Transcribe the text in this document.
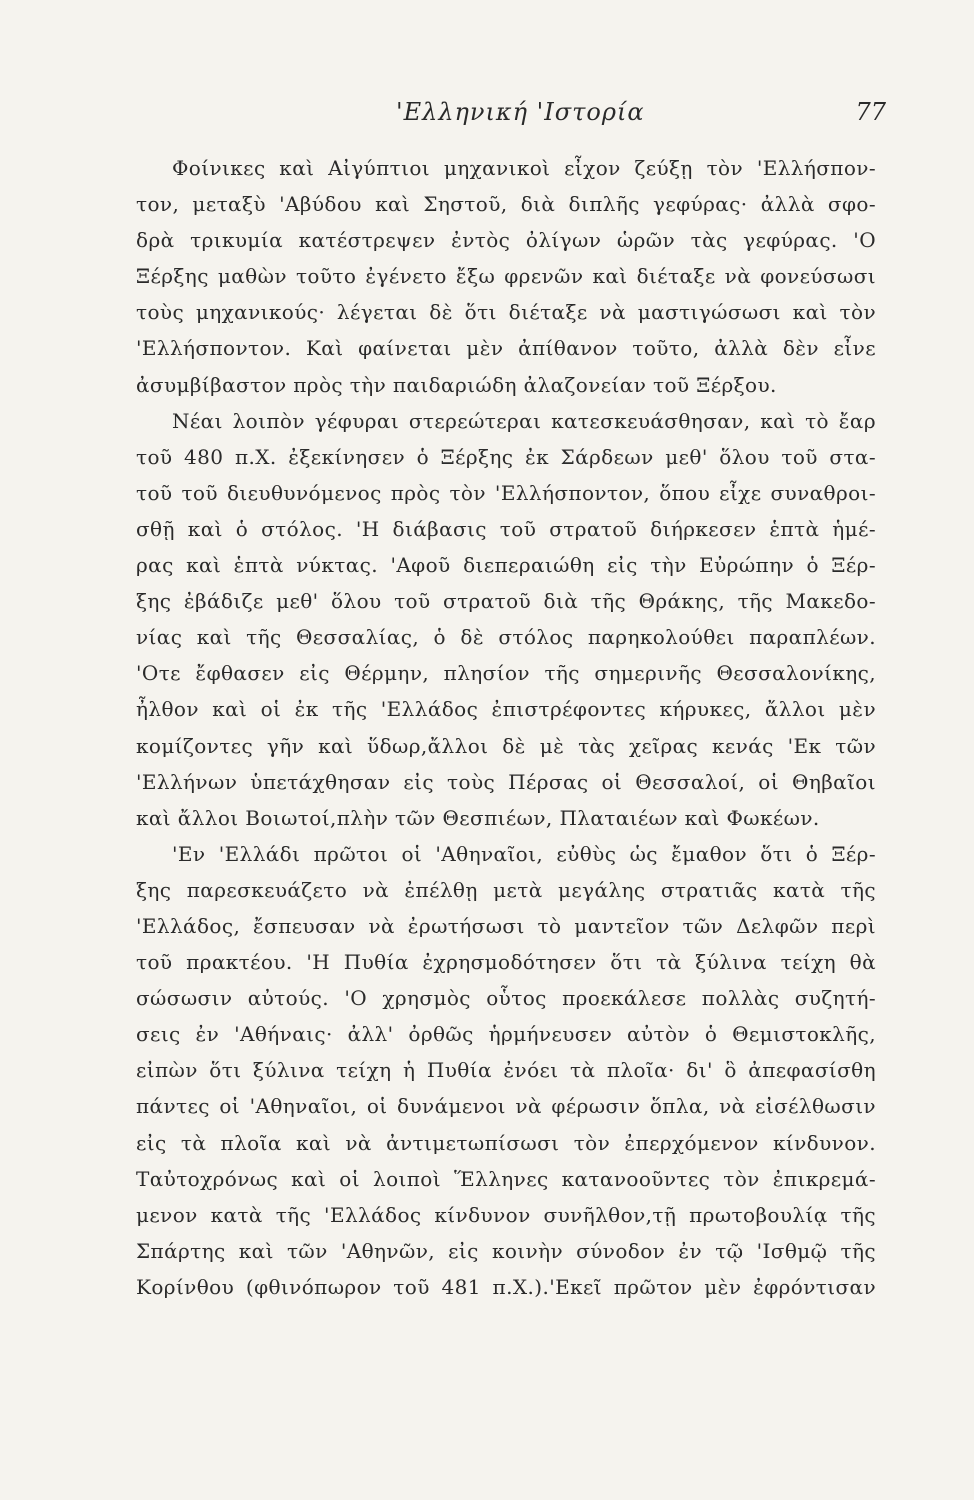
'Ελληνική 'Ιστορία	77
Φοίνικες καὶ Αἰγύπτιοι μηχανικοὶ εἶχον ζεύξῃ τὸν 'Ελλήσπον-
τον, μεταξὺ 'Αβύδου καὶ Σηστοῦ, διὰ διπλῆς γεφύρας· ἀλλὰ σφο-
δρὰ τρικυμία κατέστρεψεν ἐντὸς ὀλίγων ὡρῶν τὰς γεφύρας. 'Ο
Ξέρξης μαθὼν τοῦτο ἐγένετο ἔξω φρενῶν καὶ διέταξε νὰ φονεύσωσι
τοὺς μηχανικούς· λέγεται δὲ ὅτι διέταξε νὰ μαστιγώσωσι καὶ τὸν
'Ελλήσποντον. Καὶ φαίνεται μὲν ἀπίθανον τοῦτο, ἀλλὰ δὲν εἶνε
ἀσυμβίβαστον πρὸς τὴν παιδαριώδη ἀλαζονείαν τοῦ Ξέρξου.
Νέαι λοιπὸν γέφυραι στερεώτεραι κατεσκευάσθησαν, καὶ τὸ ἔαρ
τοῦ 480 π.Χ. ἐξεκίνησεν ὁ Ξέρξης ἐκ Σάρδεων μεθ' ὅλου τοῦ στα-
τοῦ τοῦ διευθυνόμενος πρὸς τὸν 'Ελλήσποντον, ὅπου εἶχε συναθροι-
σθῇ καὶ ὁ στόλος. 'Η διάβασις τοῦ στρατοῦ διήρκεσεν ἑπτὰ ἡμέ-
ρας καὶ ἑπτὰ νύκτας. 'Αφοῦ διεπεραιώθη εἰς τὴν Εὐρώπην ὁ Ξέρ-
ξης ἐβάδιζε μεθ' ὅλου τοῦ στρατοῦ διὰ τῆς Θράκης, τῆς Μακεδο-
νίας καὶ τῆς Θεσσαλίας, ὁ δὲ στόλος παρηκολούθει παραπλέων.
'Οτε ἔφθασεν εἰς Θέρμην, πλησίον τῆς σημερινῆς Θεσσαλονίκης,
ἦλθον καὶ οἱ ἐκ τῆς 'Ελλάδος ἐπιστρέφοντες κήρυκες, ἄλλοι μὲν
κομίζοντες γῆν καὶ ὕδωρ,ἄλλοι δὲ μὲ τὰς χεῖρας κενάς 'Εκ τῶν
'Ελλήνων ὑπετάχθησαν εἰς τοὺς Πέρσας οἱ Θεσσαλοί, οἱ Θηβαῖοι
καὶ ἄλλοι Βοιωτοί,πλὴν τῶν Θεσπιέων, Πλαταιέων καὶ Φωκέων.
'Εν 'Ελλάδι πρῶτοι οἱ 'Αθηναῖοι, εὐθὺς ὡς ἔμαθον ὅτι ὁ Ξέρ-
ξης παρεσκευάζετο νὰ ἐπέλθῃ μετὰ μεγάλης στρατιᾶς κατὰ τῆς
'Ελλάδος, ἔσπευσαν νὰ ἐρωτήσωσι τὸ μαντεῖον τῶν Δελφῶν περὶ
τοῦ πρακτέου. 'Η Πυθία ἐχρησμοδότησεν ὅτι τὰ ξύλινα τείχη θὰ
σώσωσιν αὐτούς. 'Ο χρησμὸς οὗτος προεκάλεσε πολλὰς συζητή-
σεις ἐν 'Αθήναις· ἀλλ' ὀρθῶς ἡρμήνευσεν αὐτὸν ὁ Θεμιστοκλῆς,
εἰπὼν ὅτι ξύλινα τείχη ἡ Πυθία ἐνόει τὰ πλοῖα· δι' ὃ ἀπεφασίσθη
πάντες οἱ 'Αθηναῖοι, οἱ δυνάμενοι νὰ φέρωσιν ὅπλα, νὰ εἰσέλθωσιν
εἰς τὰ πλοῖα καὶ νὰ ἀντιμετωπίσωσι τὸν ἐπερχόμενον κίνδυνον.
Ταὐτοχρόνως καὶ οἱ λοιποὶ Ἕλληνες κατανοοῦντες τὸν ἐπικρεμά-
μενον κατὰ τῆς 'Ελλάδος κίνδυνον συνῆλθον,τῇ πρωτοβουλίᾳ τῆς
Σπάρτης καὶ τῶν 'Αθηνῶν, εἰς κοινὴν σύνοδον ἐν τῷ 'Ισθμῷ τῆς
Κορίνθου (φθινόπωρον τοῦ 481 π.Χ.).'Εκεῖ πρῶτον μὲν ἐφρόντισαν
